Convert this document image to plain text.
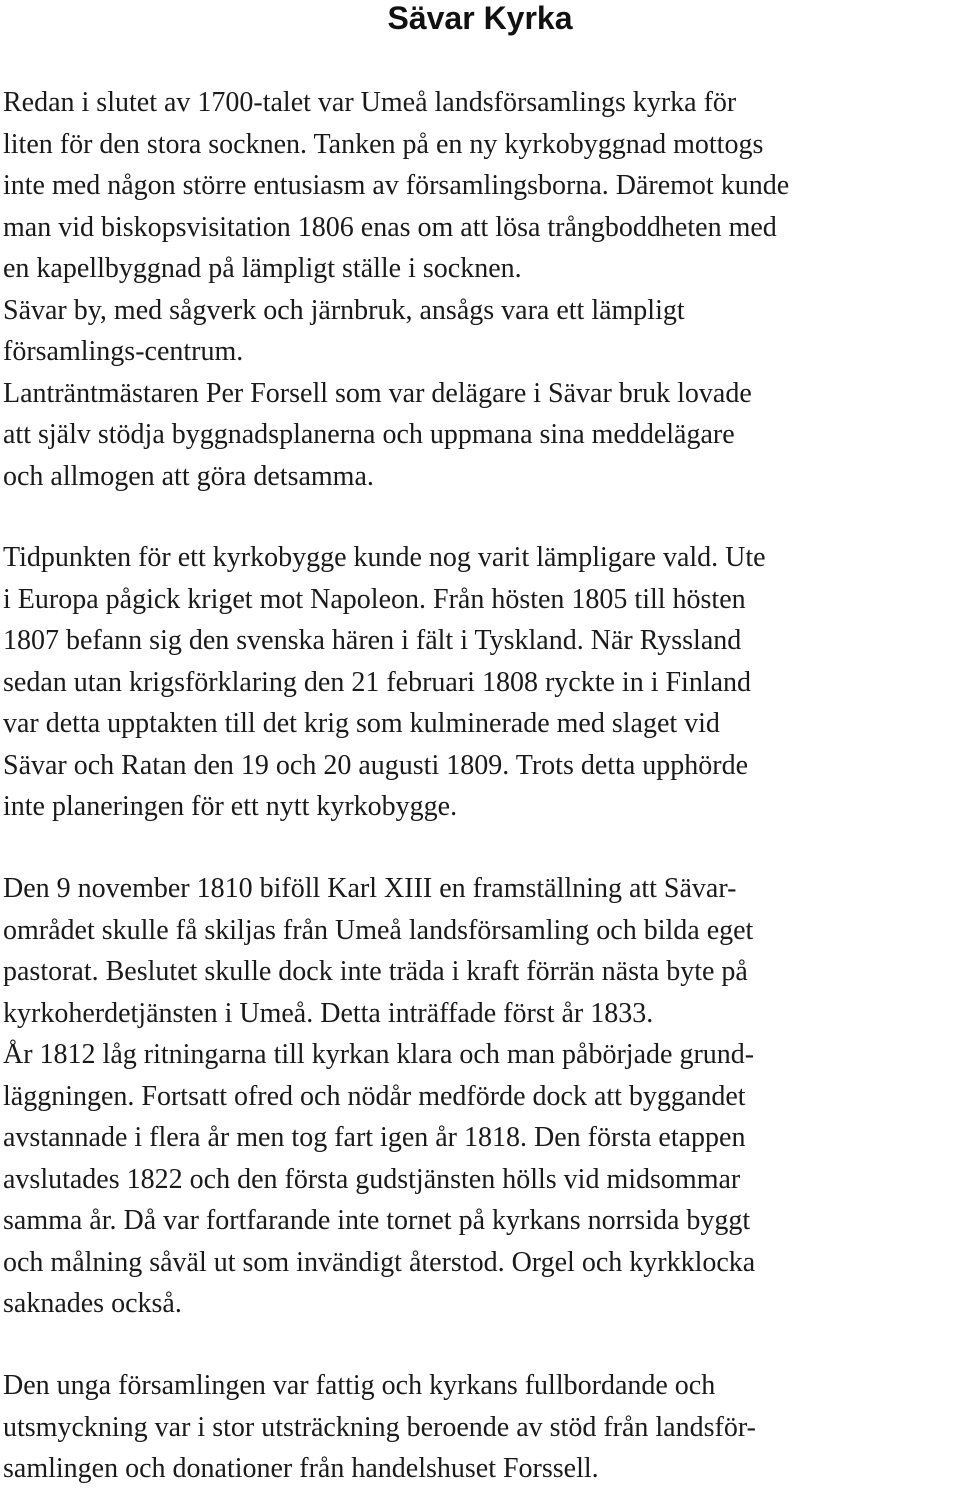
Sävar Kyrka
Redan i slutet av 1700-talet var Umeå landsförsamlings kyrka för
liten för den stora socknen. Tanken på en ny kyrkobyggnad mottogs
inte med någon större entusiasm av församlingsborna. Däremot kunde
man vid biskopsvisitation 1806 enas om att lösa trångboddheten med
en kapellbyggnad på lämpligt ställe i socknen.
Sävar by, med sågverk och järnbruk, ansågs vara ett lämpligt
församlings-centrum.
Lanträntmästaren Per Forsell som var delägare i Sävar bruk lovade
att själv stödja byggnadsplanerna och uppmana sina meddelägare
och allmogen att göra detsamma.
Tidpunkten för ett kyrkobygge kunde nog varit lämpligare vald. Ute
i Europa pågick kriget mot Napoleon. Från hösten 1805 till hösten
1807 befann sig den svenska hären i fält i Tyskland. När Ryssland
sedan utan krigsförklaring den 21 februari 1808 ryckte in i Finland
var detta upptakten till det krig som kulminerade med slaget vid
Sävar och Ratan den 19 och 20 augusti 1809. Trots detta upphörde
inte planeringen för ett nytt kyrkobygge.
Den 9 november 1810 biföll Karl XIII en framställning att Sävar-
området skulle få skiljas från Umeå landsförsamling och bilda eget
pastorat. Beslutet skulle dock inte träda i kraft förrän nästa byte på
kyrkoherdetjänsten i Umeå. Detta inträffade först år 1833.
År 1812 låg ritningarna till kyrkan klara och man påbörjade grund-
läggningen. Fortsatt ofred och nödår medförde dock att byggandet
avstannade i flera år men tog fart igen år 1818. Den första etappen
avslutades 1822 och den första gudstjänsten hölls vid midsommar
samma år. Då var fortfarande inte tornet på kyrkans norrsida byggt
och målning såväl ut som invändigt återstod. Orgel och kyrkklocka
saknades också.
Den unga församlingen var fattig och kyrkans fullbordande och
utsmyckning var i stor utsträckning beroende av stöd från landsför-
samlingen och donationer från handelshuset Forssell.
